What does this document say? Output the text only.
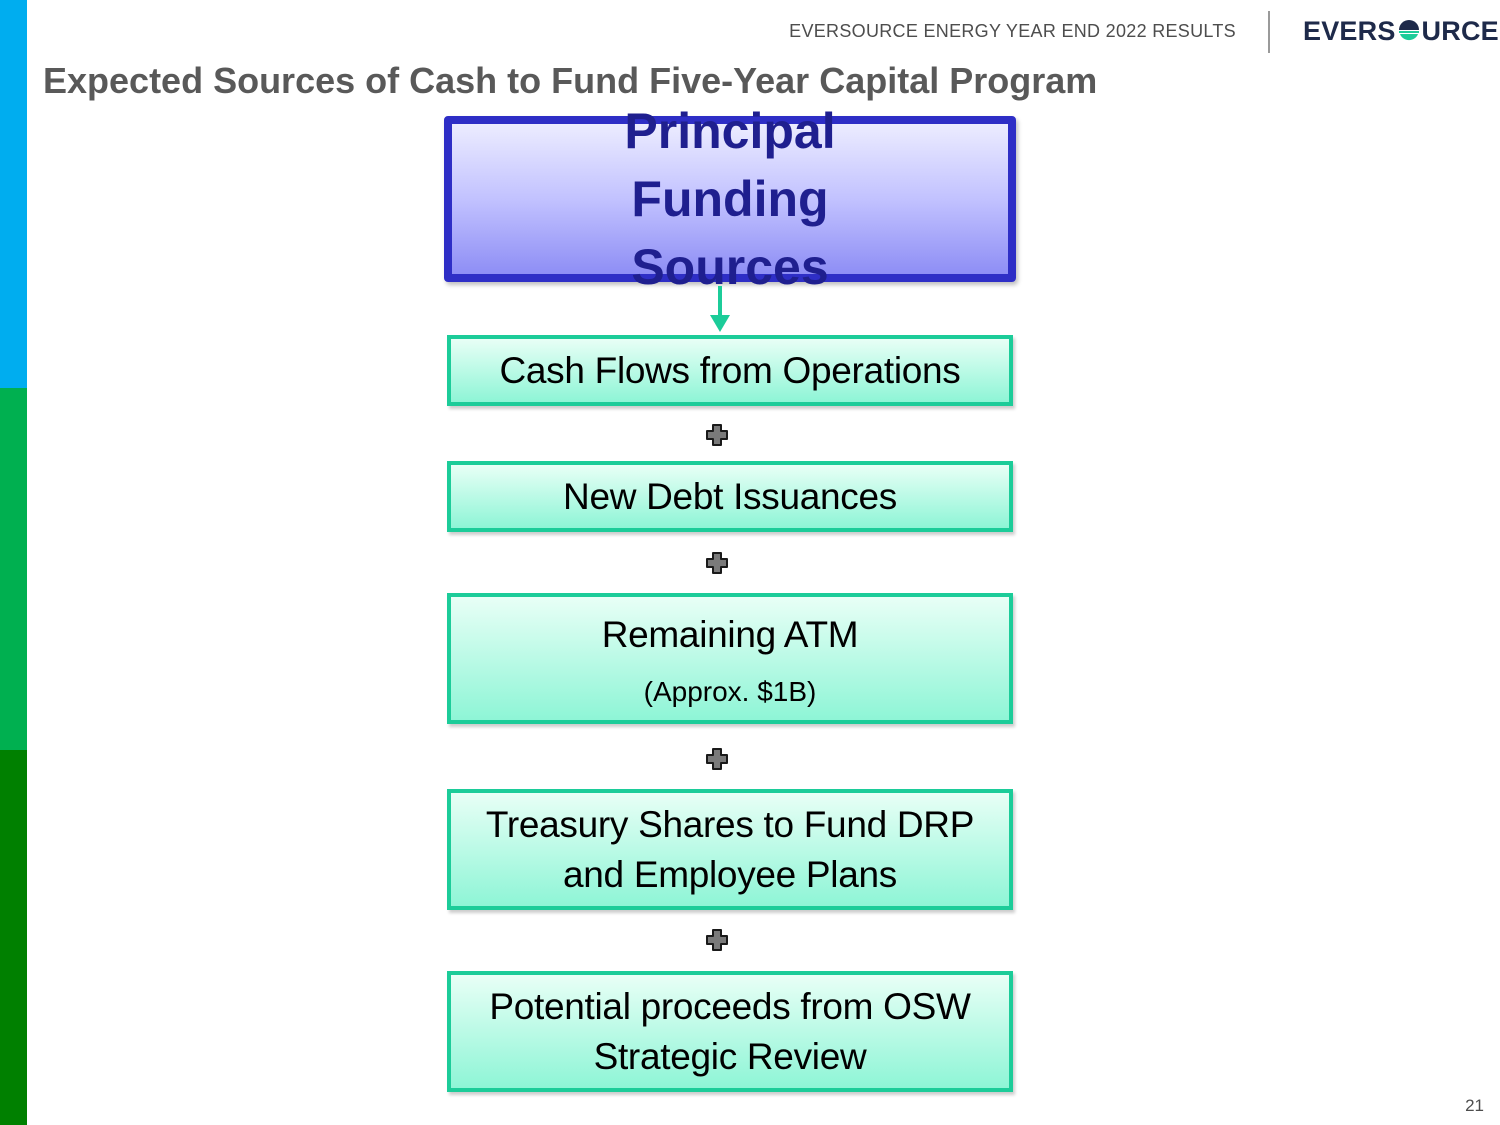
EVERSOURCE ENERGY YEAR END 2022 RESULTS EVERS URCE
Expected Sources of Cash to Fund Five-Year Capital Program
Principal Funding
Sources
Cash Flows from Operations
New Debt Issuances
Remaining ATM
(Approx. $1B)
Treasury Shares to Fund DRP
and Employee Plans
Potential proceeds from OSW
Strategic Review
21
